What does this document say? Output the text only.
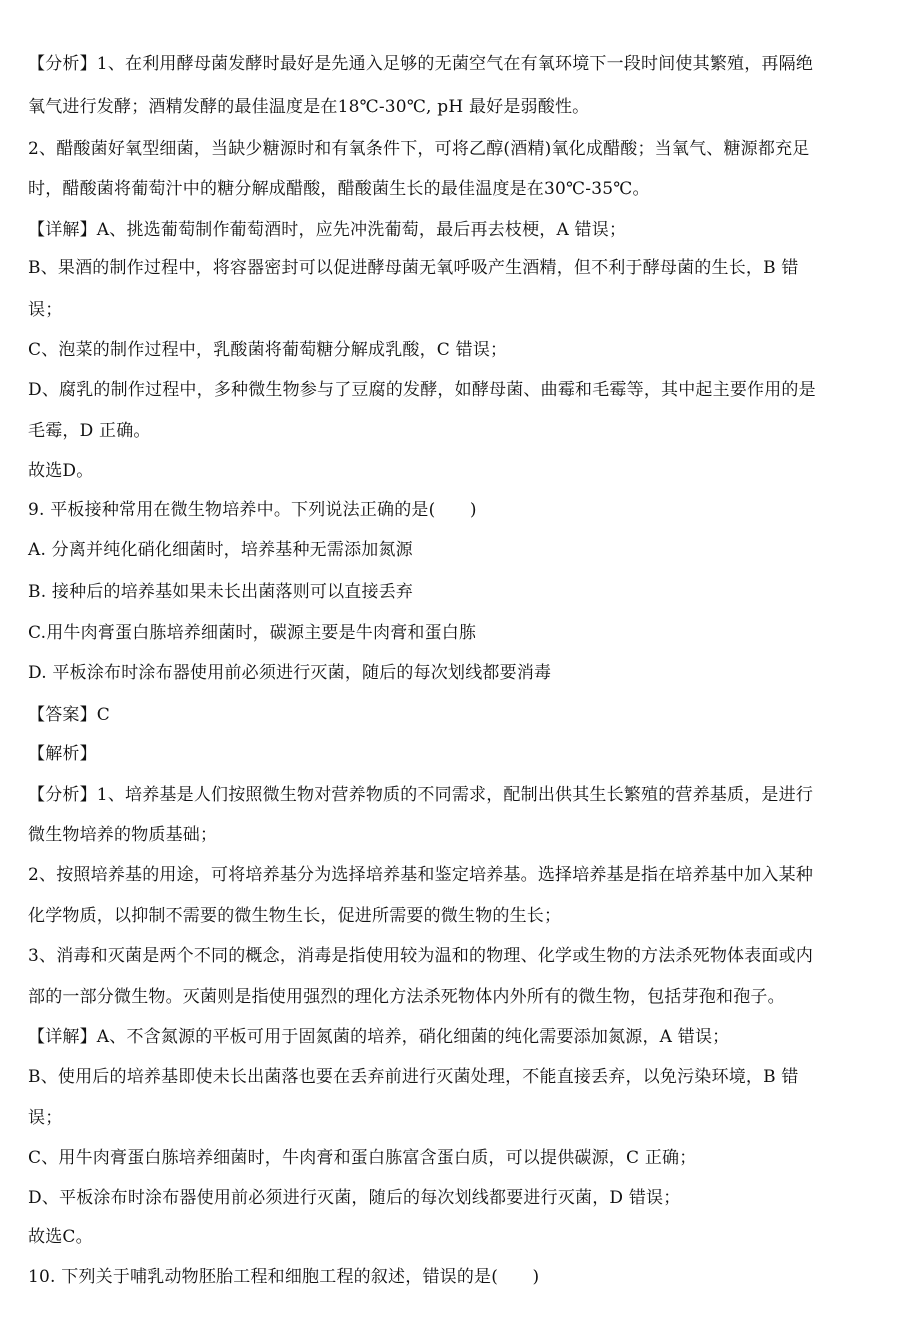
【分析】1、在利用酵母菌发酵时最好是先通入足够的无菌空气在有氧环境下一段时间使其繁殖，再隔绝
氧气进行发酵；酒精发酵的最佳温度是在18℃-30℃, pH 最好是弱酸性。
2、醋酸菌好氧型细菌，当缺少糖源时和有氧条件下，可将乙醇(酒精)氧化成醋酸；当氧气、糖源都充足
时，醋酸菌将葡萄汁中的糖分解成醋酸，醋酸菌生长的最佳温度是在30℃-35℃。
【详解】A、挑选葡萄制作葡萄酒时，应先冲洗葡萄，最后再去枝梗，A 错误；
B、果酒的制作过程中，将容器密封可以促进酵母菌无氧呼吸产生酒精，但不利于酵母菌的生长，B 错
误；
C、泡菜的制作过程中，乳酸菌将葡萄糖分解成乳酸，C 错误；
D、腐乳的制作过程中，多种微生物参与了豆腐的发酵，如酵母菌、曲霉和毛霉等，其中起主要作用的是
毛霉，D 正确。
故选D。
9. 平板接种常用在微生物培养中。下列说法正确的是(　　)
A. 分离并纯化硝化细菌时，培养基种无需添加氮源
B. 接种后的培养基如果未长出菌落则可以直接丢弃
C.用牛肉膏蛋白胨培养细菌时，碳源主要是牛肉膏和蛋白胨
D. 平板涂布时涂布器使用前必须进行灭菌，随后的每次划线都要消毒
【答案】C
【解析】
【分析】1、培养基是人们按照微生物对营养物质的不同需求，配制出供其生长繁殖的营养基质，是进行
微生物培养的物质基础；
2、按照培养基的用途，可将培养基分为选择培养基和鉴定培养基。选择培养基是指在培养基中加入某种
化学物质，以抑制不需要的微生物生长，促进所需要的微生物的生长；
3、消毒和灭菌是两个不同的概念，消毒是指使用较为温和的物理、化学或生物的方法杀死物体表面或内
部的一部分微生物。灭菌则是指使用强烈的理化方法杀死物体内外所有的微生物，包括芽孢和孢子。
【详解】A、不含氮源的平板可用于固氮菌的培养，硝化细菌的纯化需要添加氮源，A 错误；
B、使用后的培养基即使未长出菌落也要在丢弃前进行灭菌处理，不能直接丢弃，以免污染环境，B 错
误；
C、用牛肉膏蛋白胨培养细菌时，牛肉膏和蛋白胨富含蛋白质，可以提供碳源，C 正确；
D、平板涂布时涂布器使用前必须进行灭菌，随后的每次划线都要进行灭菌，D 错误；
故选C。
10. 下列关于哺乳动物胚胎工程和细胞工程的叙述，错误的是(　　)
